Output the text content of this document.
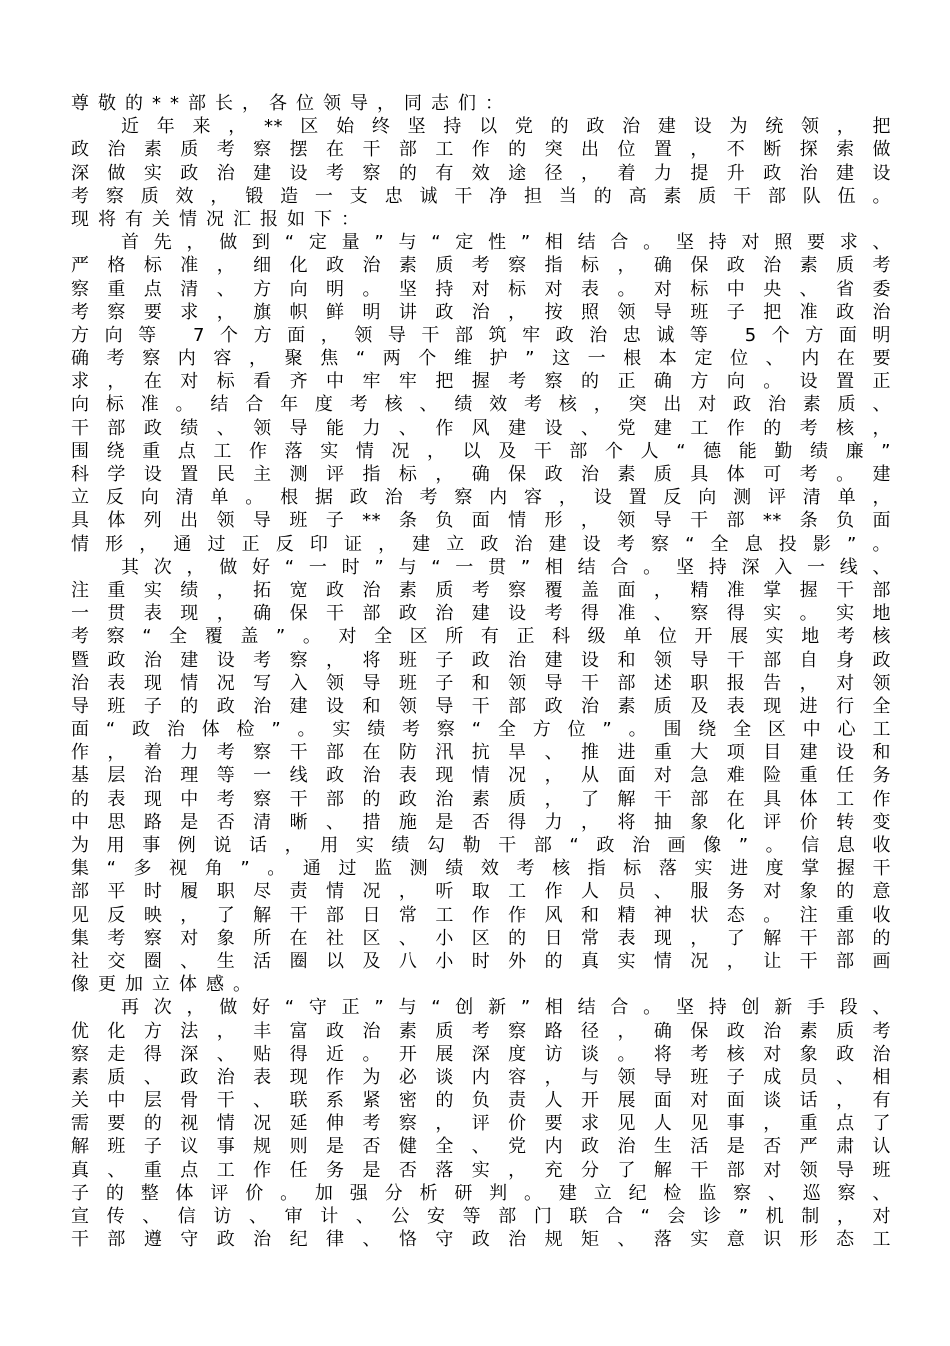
尊敬的**部长，各位领导，同志们：
近年来，**区始终坚持以党的政治建设为统领，把
政治素质考察摆在干部工作的突出位置，不断探索做
深做实政治建设考察的有效途径，着力提升政治建设
考察质效，锻造一支忠诚干净担当的高素质干部队伍。
现将有关情况汇报如下：
首先，做到“定量”与“定性”相结合。坚持对照要求、
严格标准，细化政治素质考察指标，确保政治素质考
察重点清、方向明。坚持对标对表。对标中央、省委
考察要求，旗帜鲜明讲政治，按照领导班子把准政治
方向等 7个方面，领导干部筑牢政治忠诚等 5个方面明
确考察内容，聚焦“两个维护”这一根本定位、内在要
求，在对标看齐中牢牢把握考察的正确方向。设置正
向标准。结合年度考核、绩效考核，突出对政治素质、
干部政绩、领导能力、作风建设、党建工作的考核，
围绕重点工作落实情况，以及干部个人“德能勤绩廉”
科学设置民主测评指标，确保政治素质具体可考。建
立反向清单。根据政治考察内容，设置反向测评清单，
具体列出领导班子**条负面情形，领导干部**条负面
情形，通过正反印证，建立政治建设考察“全息投影”。
其次，做好“一时”与“一贯”相结合。坚持深入一线、
注重实绩，拓宽政治素质考察覆盖面，精准掌握干部
一贯表现，确保干部政治建设考得准、察得实。实地
考察“全覆盖”。对全区所有正科级单位开展实地考核
暨政治建设考察，将班子政治建设和领导干部自身政
治表现情况写入领导班子和领导干部述职报告，对领
导班子的政治建设和领导干部政治素质及表现进行全
面“政治体检”。实绩考察“全方位”。围绕全区中心工
作，着力考察干部在防汛抗旱、推进重大项目建设和
基层治理等一线政治表现情况，从面对急难险重任务
的表现中考察干部的政治素质，了解干部在具体工作
中思路是否清晰、措施是否得力，将抽象化评价转变
为用事例说话，用实绩勾勒干部“政治画像”。信息收
集“多视角”。通过监测绩效考核指标落实进度掌握干
部平时履职尽责情况，听取工作人员、服务对象的意
见反映，了解干部日常工作作风和精神状态。注重收
集考察对象所在社区、小区的日常表现，了解干部的
社交圈、生活圈以及八小时外的真实情况，让干部画
像更加立体感。
再次，做好“守正”与“创新”相结合。坚持创新手段、
优化方法，丰富政治素质考察路径，确保政治素质考
察走得深、贴得近。开展深度访谈。将考核对象政治
素质、政治表现作为必谈内容，与领导班子成员、相
关中层骨干、联系紧密的负责人开展面对面谈话，有
需要的视情况延伸考察，评价要求见人见事，重点了
解班子议事规则是否健全、党内政治生活是否严肃认
真、重点工作任务是否落实，充分了解干部对领导班
子的整体评价。加强分析研判。建立纪检监察、巡察、
宣传、信访、审计、公安等部门联合“会诊”机制，对
干部遵守政治纪律、恪守政治规矩、落实意识形态工
